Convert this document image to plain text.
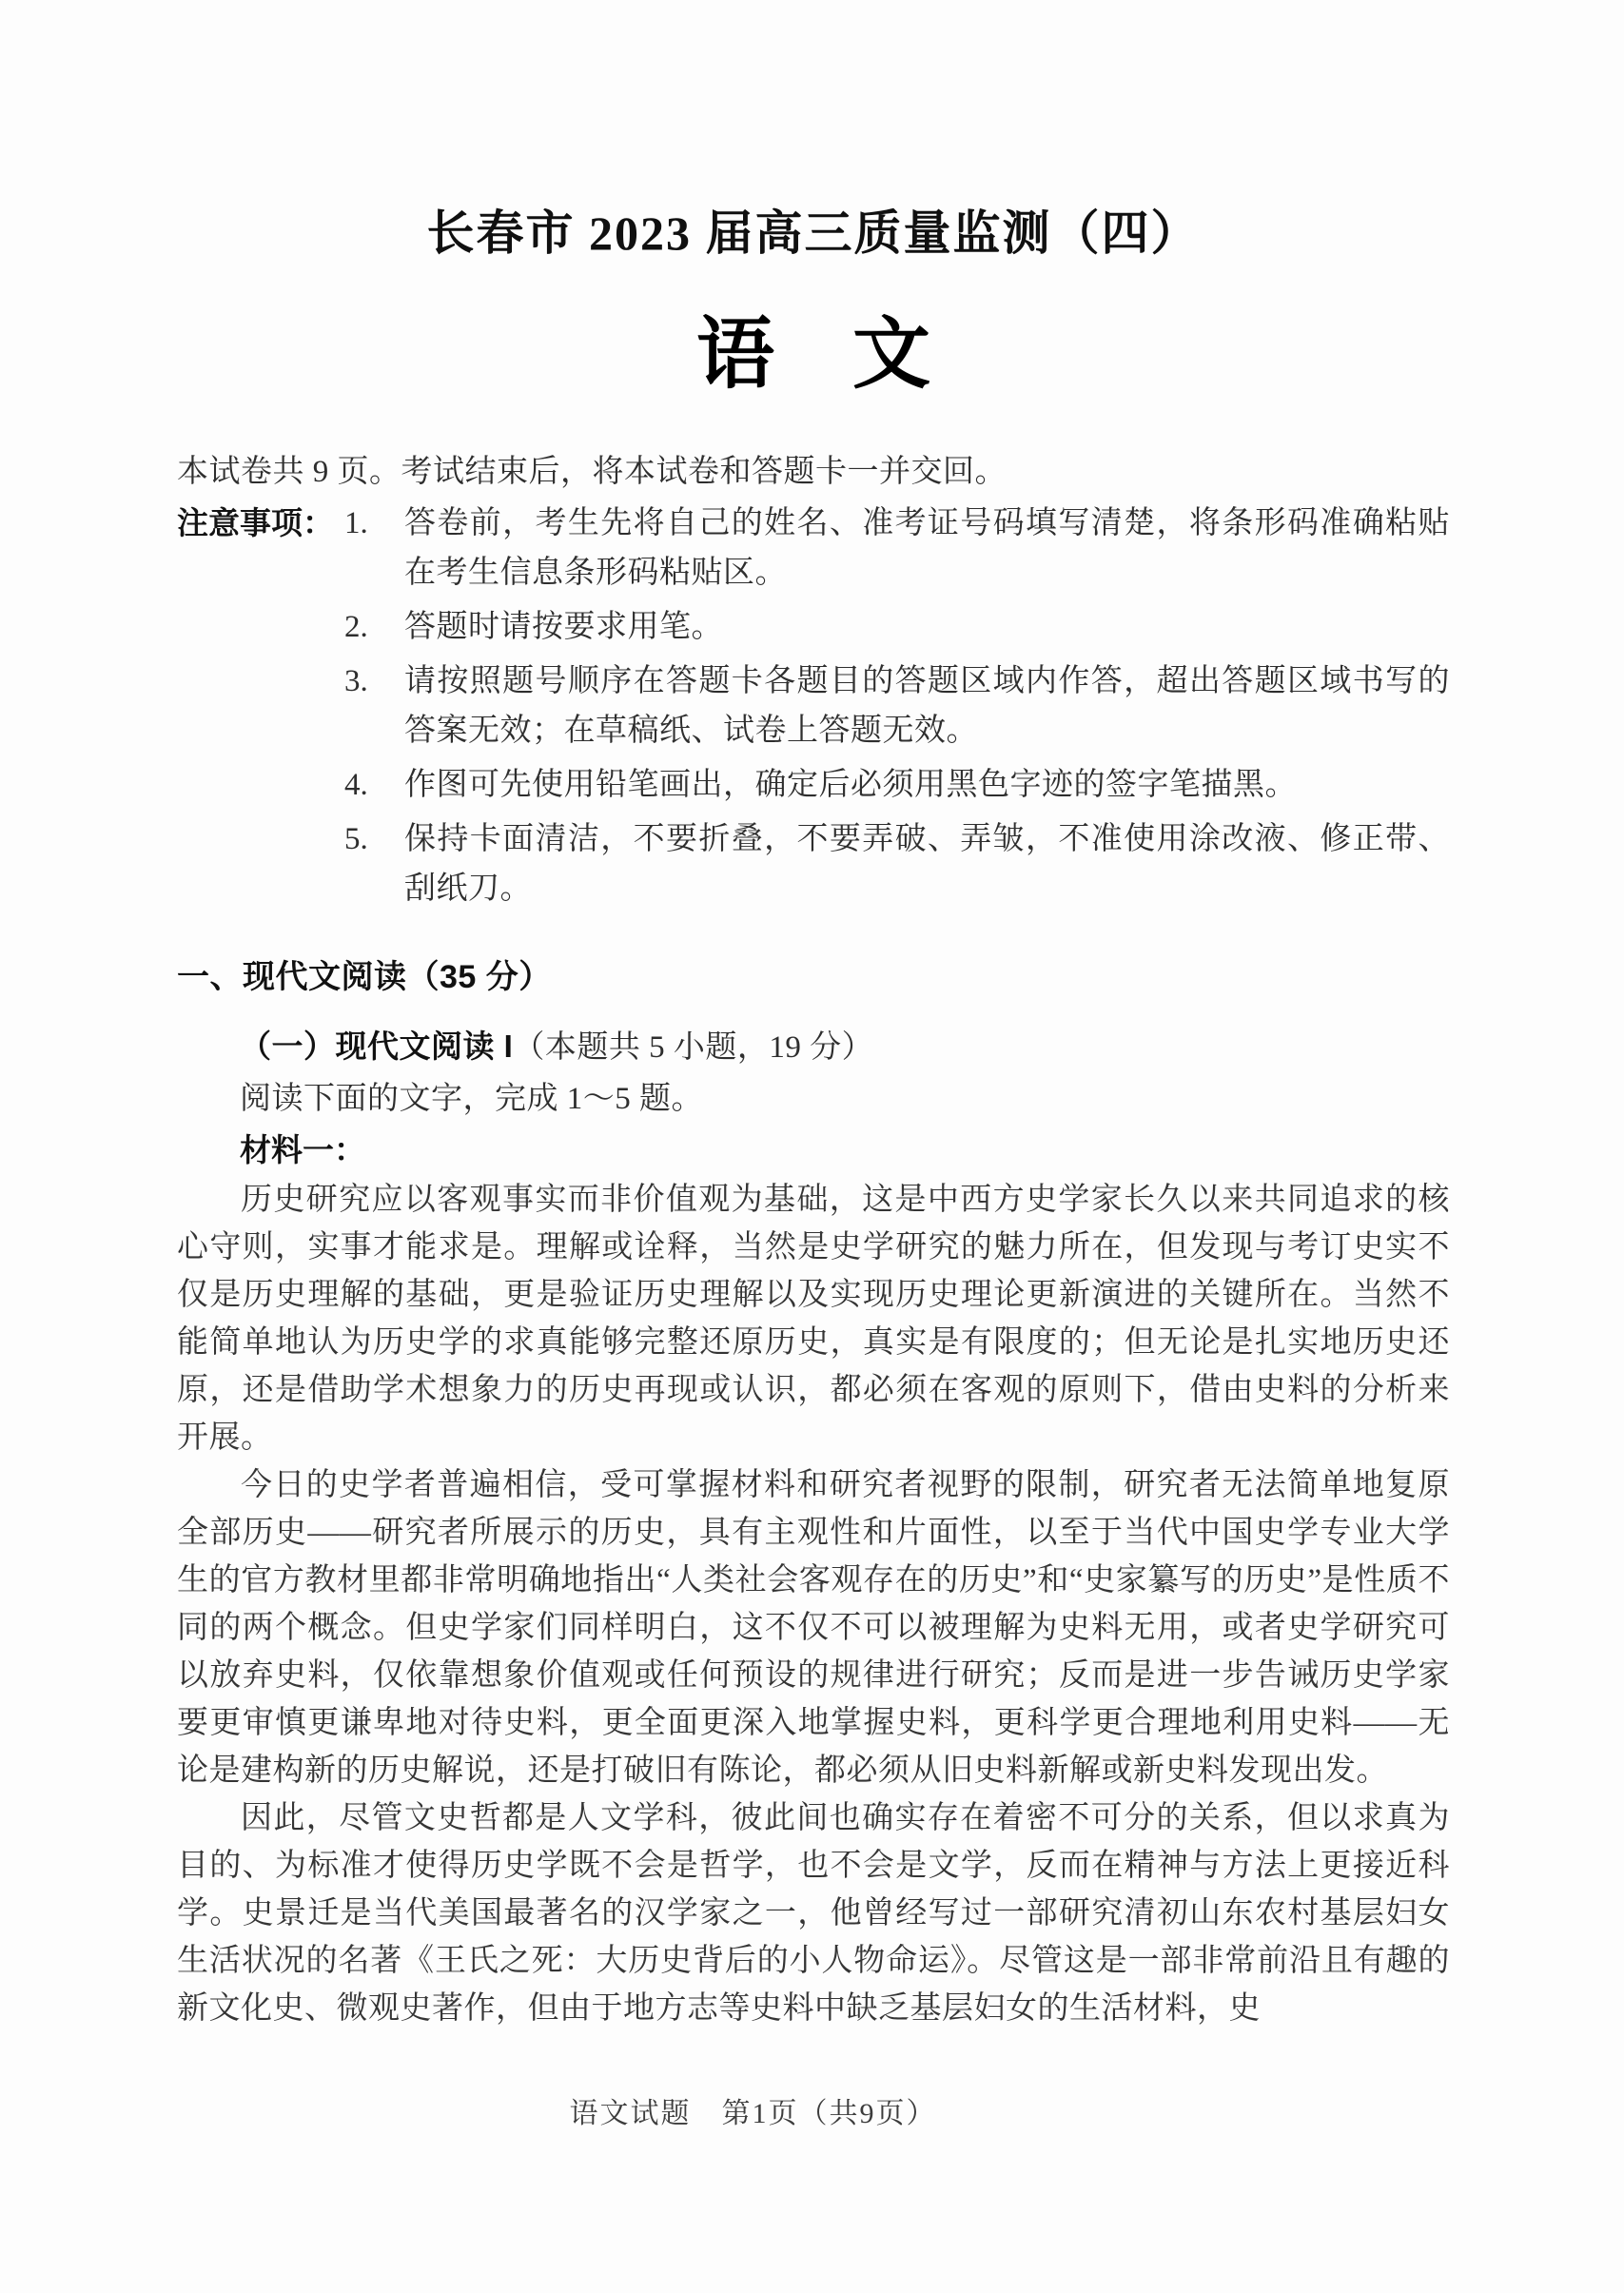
长春市 2023 届高三质量监测（四）
语　文
本试卷共 9 页。考试结束后，将本试卷和答题卡一并交回。
注意事项： 1.	答卷前，考生先将自己的姓名、准考证号码填写清楚，将条形码准确粘贴在考生信息条形码粘贴区。
2.	答题时请按要求用笔。
3.	请按照题号顺序在答题卡各题目的答题区域内作答，超出答题区域书写的答案无效；在草稿纸、试卷上答题无效。
4.	作图可先使用铅笔画出，确定后必须用黑色字迹的签字笔描黑。
5.	保持卡面清洁，不要折叠，不要弄破、弄皱，不准使用涂改液、修正带、刮纸刀。
一、现代文阅读（35 分）
（一）现代文阅读 I（本题共 5 小题，19 分）
阅读下面的文字，完成 1～5 题。
材料一：

历史研究应以客观事实而非价值观为基础，这是中西方史学家长久以来共同追求的核心守则，实事才能求是。理解或诠释，当然是史学研究的魅力所在，但发现与考订史实不仅是历史理解的基础，更是验证历史理解以及实现历史理论更新演进的关键所在。当然不能简单地认为历史学的求真能够完整还原历史，真实是有限度的；但无论是扎实地历史还原，还是借助学术想象力的历史再现或认识，都必须在客观的原则下，借由史料的分析来开展。

今日的史学者普遍相信，受可掌握材料和研究者视野的限制，研究者无法简单地复原全部历史——研究者所展示的历史，具有主观性和片面性，以至于当代中国史学专业大学生的官方教材里都非常明确地指出“人类社会客观存在的历史”和“史家纂写的历史”是性质不同的两个概念。但史学家们同样明白，这不仅不可以被理解为史料无用，或者史学研究可以放弃史料，仅依靠想象价值观或任何预设的规律进行研究；反而是进一步告诫历史学家要更审慎更谦卑地对待史料，更全面更深入地掌握史料，更科学更合理地利用史料——无论是建构新的历史解说，还是打破旧有陈论，都必须从旧史料新解或新史料发现出发。

因此，尽管文史哲都是人文学科，彼此间也确实存在着密不可分的关系，但以求真为目的、为标准才使得历史学既不会是哲学，也不会是文学，反而在精神与方法上更接近科学。史景迁是当代美国最著名的汉学家之一，他曾经写过一部研究清初山东农村基层妇女生活状况的名著《王氏之死：大历史背后的小人物命运》。尽管这是一部非常前沿且有趣的新文化史、微观史著作，但由于地方志等史料中缺乏基层妇女的生活材料，史

语文试题　第1页（共9页）
